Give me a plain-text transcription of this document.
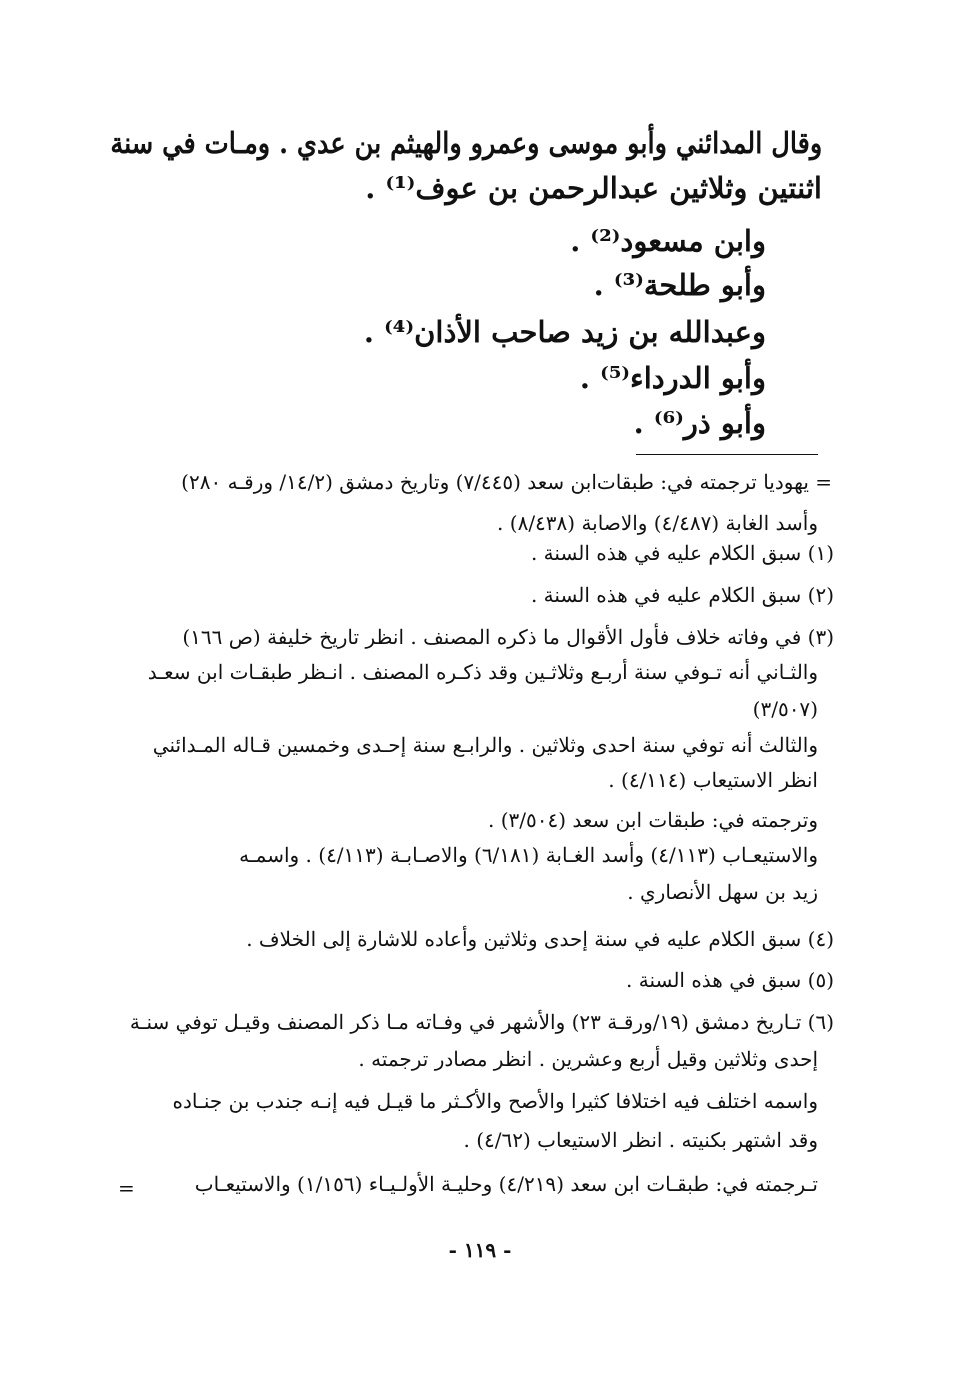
وقال المدائني وأبو موسى وعمرو والهيثم بن عدي . ومـات في سنة
اثنتين وثلاثين عبدالرحمن بن عوف⁽¹⁾ .
وابن مسعود⁽²⁾ .
وأبو طلحة⁽³⁾ .
وعبدالله بن زيد صاحب الأذان⁽⁴⁾ .
وأبو الدرداء⁽⁵⁾ .
وأبو ذر⁽⁶⁾ .
= يهوديا ترجمته في: طبقات‌ابن سعد (٧/٤٤٥) وتاريخ دمشق (١٤/٢/ ورقـه ٢٨٠)
وأسد الغابة (٤/٤٨٧) والاصابة (٨/٤٣٨) .
(١) سبق الكلام عليه في هذه السنة .
(٢) سبق الكلام عليه في هذه السنة .
(٣) في وفاته خلاف فأول الأقوال ما ذكره المصنف . انظر تاريخ خليفة (ص ١٦٦)
والثـاني أنه تـوفي سنة أربـع وثلاثـين وقد ذكـره المصنف . انـظر طبقـات ابن سعـد
(٣/٥٠٧)
والثالث أنه توفي سنة احدى وثلاثين . والرابـع سنة إحـدى وخمسين قـاله المـدائني
انظر الاستيعاب (٤/١١٤) .
وترجمته في: طبقات ابن سعد (٣/٥٠٤) .
والاستيعـاب (٤/١١٣) وأسد الغـابة (٦/١٨١) والاصـابـة (٤/١١٣) . واسمـه
زيد بن سهل الأنصاري .
(٤) سبق الكلام عليه في سنة إحدى وثلاثين وأعاده للاشارة إلى الخلاف .
(٥) سبق في هذه السنة .
(٦) تـاريخ دمشق (١٩/ورقـة ٢٣) والأشهر في وفـاته مـا ذكر المصنف وقيـل توفي سنـة
إحدى وثلاثين وقيل أربع وعشرين . انظر مصادر ترجمته .
واسمه اختلف فيه اختلافا كثيرا والأصح والأكـثر ما قيـل فيه إنـه جندب بن جنـاده
وقد اشتهر بكنيته . انظر الاستيعاب (٤/٦٢) .
تـرجمته في: طبقـات ابن سعد (٤/٢١٩) وحليـة الأولـيـاء (١/١٥٦) والاستيعـاب
=
- ١١٩ -
